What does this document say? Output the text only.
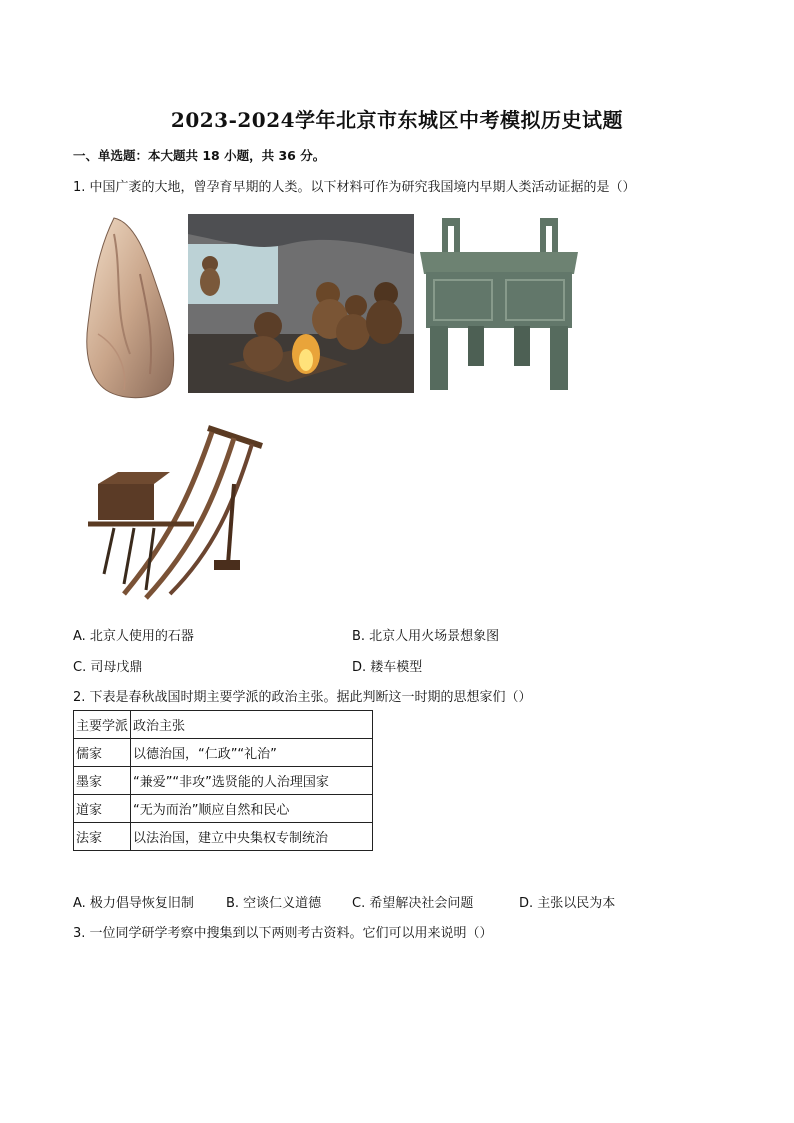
2023-2024学年北京市东城区中考模拟历史试题
一、单选题：本大题共 18 小题，共 36 分。
1. 中国广袤的大地，曾孕育早期的人类。以下材料可作为研究我国境内早期人类活动证据的是（）
A. 北京人使用的石器	B. 北京人用火场景想象图
C. 司母戊鼎	D. 耧车模型
2. 下表是春秋战国时期主要学派的政治主张。据此判断这一时期的思想家们（）
主要学派	政治主张
儒家	以德治国，“仁政”“礼治”
墨家	“兼爱”“非攻”选贤能的人治理国家
道家	“无为而治”顺应自然和民心
法家	以法治国，建立中央集权专制统治
A. 极力倡导恢复旧制 B. 空谈仁义道德 C. 希望解决社会问题	D. 主张以民为本
3. 一位同学研学考察中搜集到以下两则考古资料。它们可以用来说明（）
